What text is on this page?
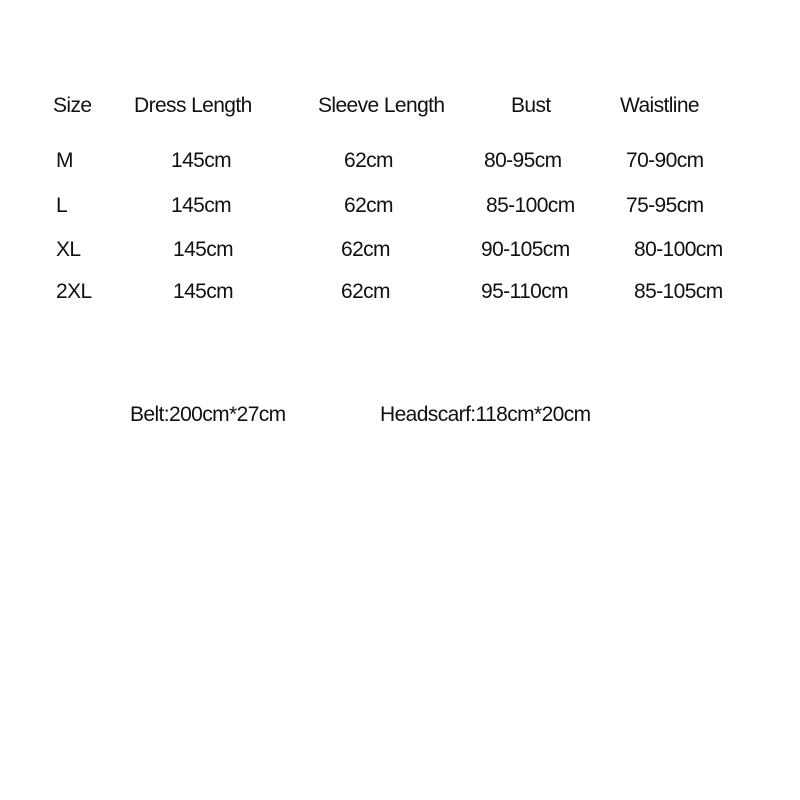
Size Dress Length	Sleeve Length	Bust	Waistline
M	145cm	62cm	80-95cm	70-90cm
L	145cm	62cm	85-100cm 75-95cm
XL	145cm	62cm	90-105cm	80-100cm
2XL	145cm	62cm	95-110cm	85-105cm
Belt:200cm*27cm	Headscarf:118cm*20cm
